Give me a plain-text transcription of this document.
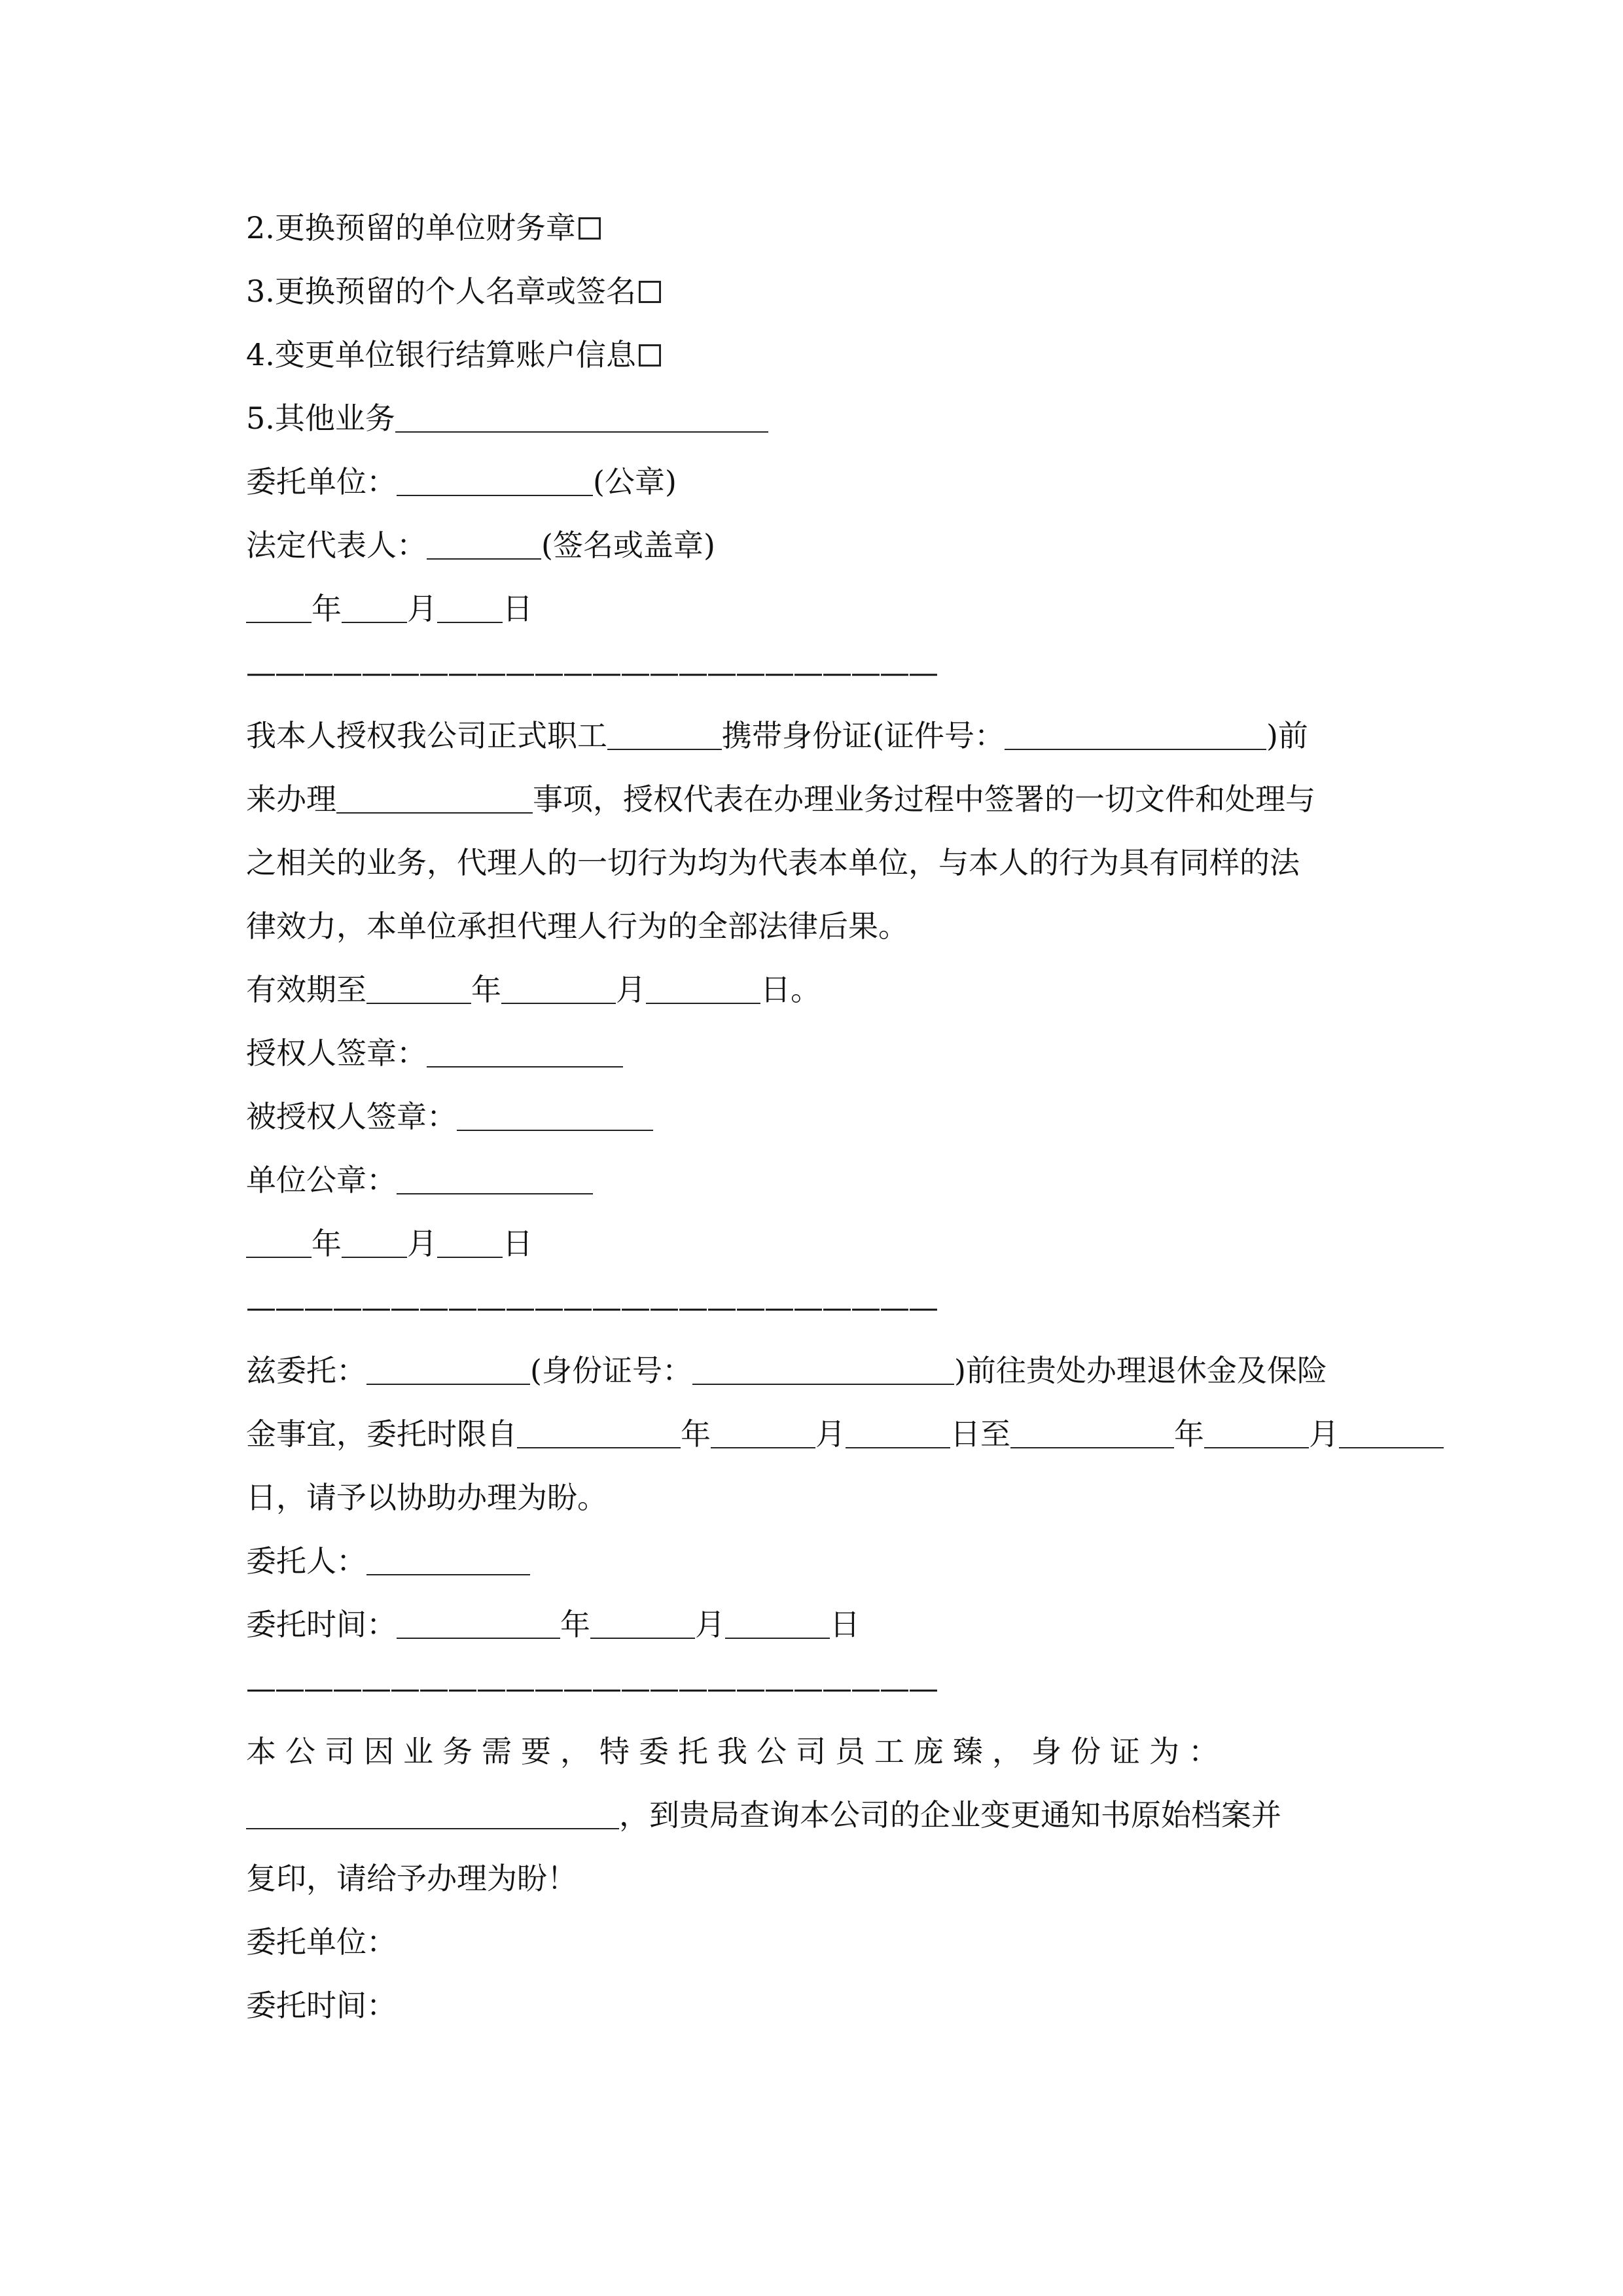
2.更换预留的单位财务章
3.更换预留的个人名章或签名
4.变更单位银行结算账户信息
5.其他业务
委托单位：	(公章)
法定代表人：	(签名或盖章)
年 月 日
————————————————————————
我本人授权我公司正式职工	携带身份证(证件号：	)前
来办理	事项，授权代表在办理业务过程中签署的一切文件和处理与
之相关的业务，代理人的一切行为均为代表本单位，与本人的行为具有同样的法
律效力，本单位承担代理人行为的全部法律后果。
有效期至	年	月	日。
授权人签章：
被授权人签章：
单位公章：
年 月 日
————————————————————————
兹委托：	(身份证号：	)前往贵处办理退休金及保险
金事宜，委托时限自	年	月	日至	年	月
日，请予以协助办理为盼。
委托人：
委托时间：	年	月	日
————————————————————————
本公司因业务需要，特委托我公司员工庞臻，身份证为：
，到贵局查询本公司的企业变更通知书原始档案并
复印，请给予办理为盼！
委托单位：
委托时间：
